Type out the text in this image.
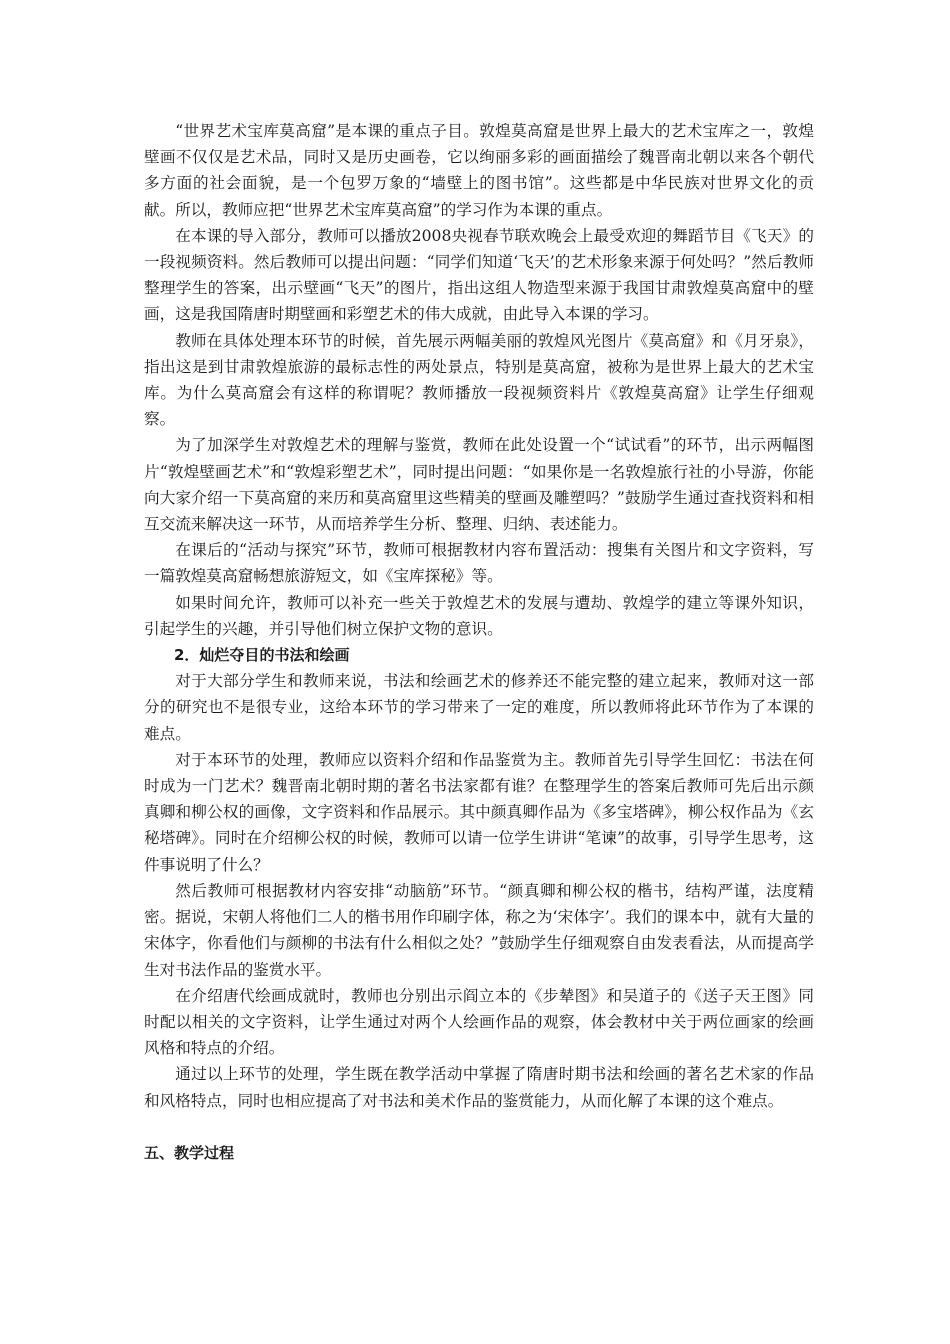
“世界艺术宝库莫高窟”是本课的重点子目。敦煌莫高窟是世界上最大的艺术宝库之一，敦煌壁画不仅仅是艺术品，同时又是历史画卷，它以绚丽多彩的画面描绘了魏晋南北朝以来各个朝代多方面的社会面貌，是一个包罗万象的“墙壁上的图书馆”。这些都是中华民族对世界文化的贡献。所以，教师应把“世界艺术宝库莫高窟”的学习作为本课的重点。

在本课的导入部分，教师可以播放2008央视春节联欢晚会上最受欢迎的舞蹈节目《飞天》的一段视频资料。然后教师可以提出问题：“同学们知道‘飞天’的艺术形象来源于何处吗？”然后教师整理学生的答案，出示壁画“飞天”的图片，指出这组人物造型来源于我国甘肃敦煌莫高窟中的壁画，这是我国隋唐时期壁画和彩塑艺术的伟大成就，由此导入本课的学习。

教师在具体处理本环节的时候，首先展示两幅美丽的敦煌风光图片《莫高窟》和《月牙泉》，指出这是到甘肃敦煌旅游的最标志性的两处景点，特别是莫高窟，被称为是世界上最大的艺术宝库。为什么莫高窟会有这样的称谓呢？教师播放一段视频资料片《敦煌莫高窟》让学生仔细观察。

为了加深学生对敦煌艺术的理解与鉴赏，教师在此处设置一个“试试看”的环节，出示两幅图片“敦煌壁画艺术”和“敦煌彩塑艺术”，同时提出问题：“如果你是一名敦煌旅行社的小导游，你能向大家介绍一下莫高窟的来历和莫高窟里这些精美的壁画及雕塑吗？”鼓励学生通过查找资料和相互交流来解决这一环节，从而培养学生分析、整理、归纳、表述能力。

在课后的“活动与探究”环节，教师可根据教材内容布置活动：搜集有关图片和文字资料，写一篇敦煌莫高窟畅想旅游短文，如《宝库探秘》等。

如果时间允许，教师可以补充一些关于敦煌艺术的发展与遭劫、敦煌学的建立等课外知识，引起学生的兴趣，并引导他们树立保护文物的意识。

2．灿烂夺目的书法和绘画

对于大部分学生和教师来说，书法和绘画艺术的修养还不能完整的建立起来，教师对这一部分的研究也不是很专业，这给本环节的学习带来了一定的难度，所以教师将此环节作为了本课的难点。

对于本环节的处理，教师应以资料介绍和作品鉴赏为主。教师首先引导学生回忆：书法在何时成为一门艺术？魏晋南北朝时期的著名书法家都有谁？在整理学生的答案后教师可先后出示颜真卿和柳公权的画像，文字资料和作品展示。其中颜真卿作品为《多宝塔碑》，柳公权作品为《玄秘塔碑》。同时在介绍柳公权的时候，教师可以请一位学生讲讲“笔谏”的故事，引导学生思考，这件事说明了什么？

然后教师可根据教材内容安排“动脑筋”环节。“颜真卿和柳公权的楷书，结构严谨，法度精密。据说，宋朝人将他们二人的楷书用作印刷字体，称之为‘宋体字’。我们的课本中，就有大量的宋体字，你看他们与颜柳的书法有什么相似之处？”鼓励学生仔细观察自由发表看法，从而提高学生对书法作品的鉴赏水平。

在介绍唐代绘画成就时，教师也分别出示阎立本的《步辇图》和吴道子的《送子天王图》同时配以相关的文字资料，让学生通过对两个人绘画作品的观察，体会教材中关于两位画家的绘画风格和特点的介绍。

通过以上环节的处理，学生既在教学活动中掌握了隋唐时期书法和绘画的著名艺术家的作品和风格特点，同时也相应提高了对书法和美术作品的鉴赏能力，从而化解了本课的这个难点。

五、教学过程
